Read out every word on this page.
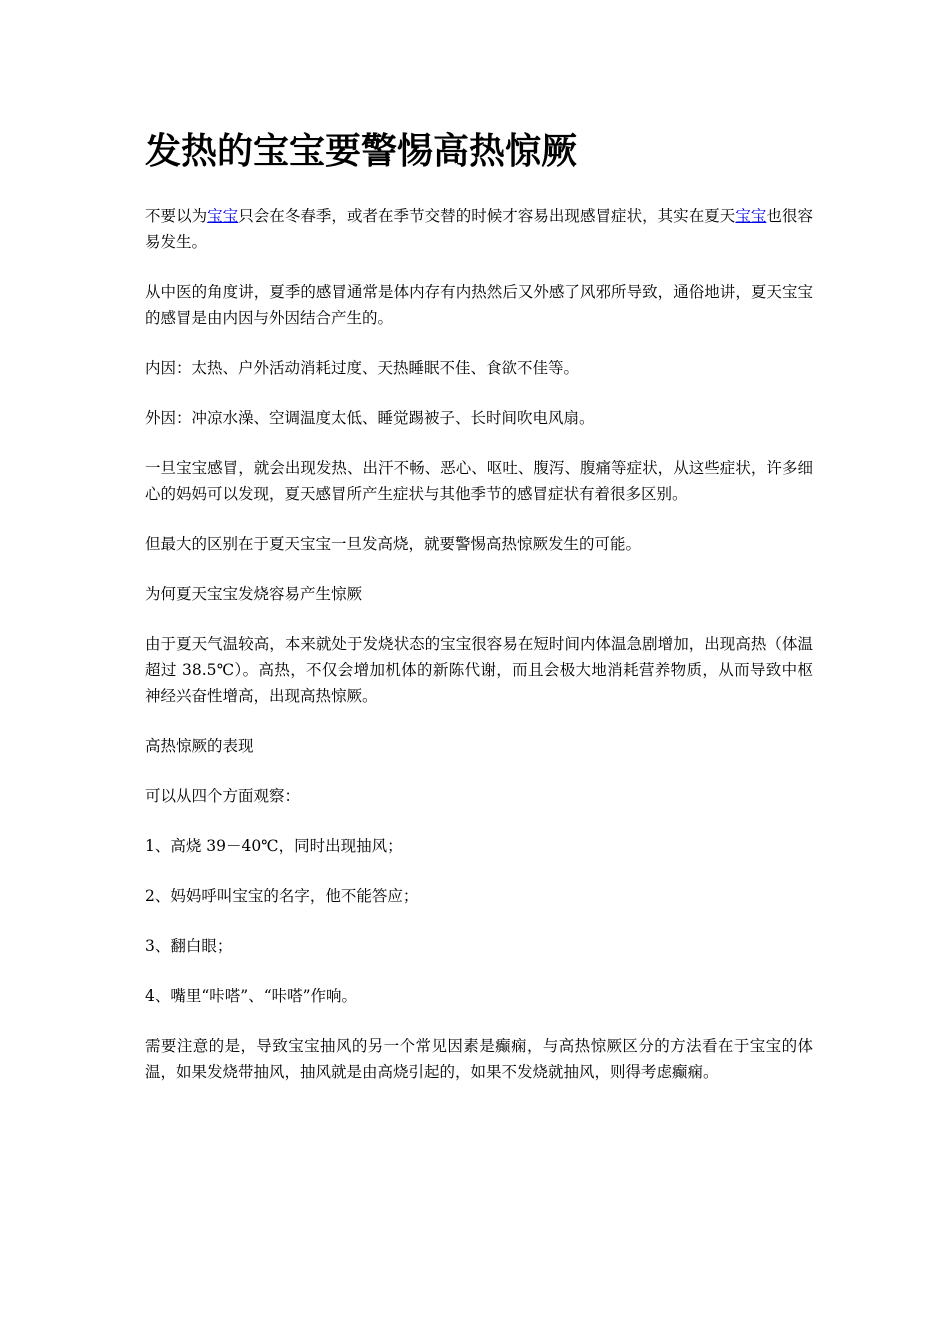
发热的宝宝要警惕高热惊厥

不要以为宝宝只会在冬春季，或者在季节交替的时候才容易出现感冒症状，其实在夏天宝宝也很容易发生。

从中医的角度讲，夏季的感冒通常是体内存有内热然后又外感了风邪所导致，通俗地讲，夏天宝宝的感冒是由内因与外因结合产生的。

内因：太热、户外活动消耗过度、天热睡眠不佳、食欲不佳等。

外因：冲凉水澡、空调温度太低、睡觉踢被子、长时间吹电风扇。

一旦宝宝感冒，就会出现发热、出汗不畅、恶心、呕吐、腹泻、腹痛等症状，从这些症状，许多细心的妈妈可以发现，夏天感冒所产生症状与其他季节的感冒症状有着很多区别。

但最大的区别在于夏天宝宝一旦发高烧，就要警惕高热惊厥发生的可能。

为何夏天宝宝发烧容易产生惊厥

由于夏天气温较高，本来就处于发烧状态的宝宝很容易在短时间内体温急剧增加，出现高热（体温超过 38.5℃）。高热，不仅会增加机体的新陈代谢，而且会极大地消耗营养物质，从而导致中枢神经兴奋性增高，出现高热惊厥。

高热惊厥的表现

可以从四个方面观察：

1、高烧 39－40℃，同时出现抽风；

2、妈妈呼叫宝宝的名字，他不能答应；

3、翻白眼；

4、嘴里“咔嗒”、“咔嗒”作响。

需要注意的是，导致宝宝抽风的另一个常见因素是癫痫，与高热惊厥区分的方法看在于宝宝的体温，如果发烧带抽风，抽风就是由高烧引起的，如果不发烧就抽风，则得考虑癫痫。
